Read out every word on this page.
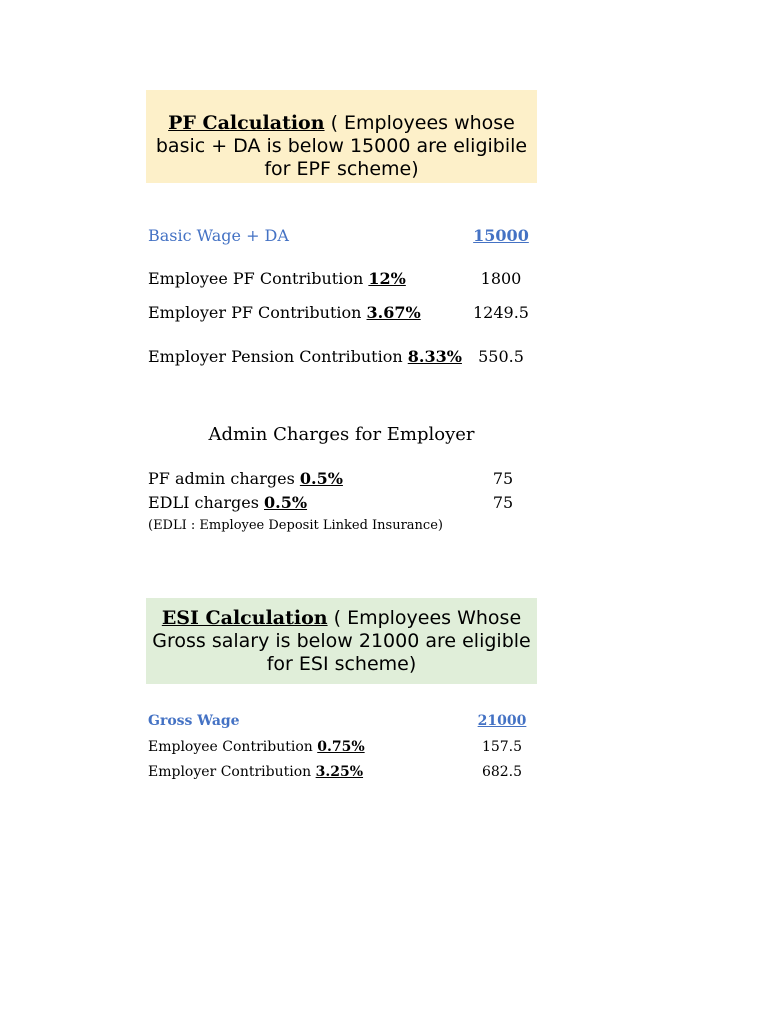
PF Calculation ( Employees whose basic + DA is below 15000 are eligibile for EPF scheme)
Basic Wage + DA	15000
Employee PF Contribution 12%	1800
Employer PF Contribution 3.67%	1249.5
Employer Pension Contribution 8.33%	550.5
Admin Charges for Employer
PF admin charges 0.5%	75
EDLI charges 0.5%	75
(EDLI : Employee Deposit Linked Insurance)
ESI Calculation ( Employees Whose Gross salary is below 21000 are eligible for ESI scheme)
Gross Wage	21000
Employee Contribution 0.75%	157.5
Employer Contribution 3.25%	682.5
